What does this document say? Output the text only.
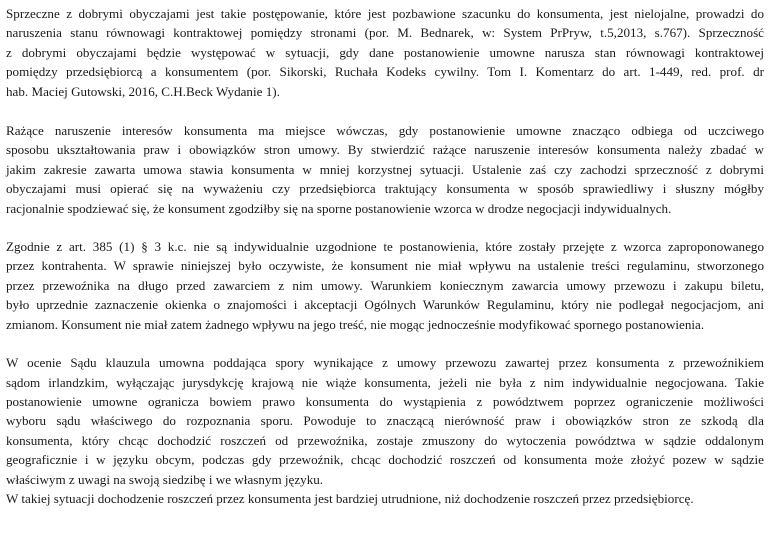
Sprzeczne z dobrymi obyczajami jest takie postępowanie, które jest pozbawione szacunku do konsumenta, jest nielojalne, prowadzi do
naruszenia stanu równowagi kontraktowej pomiędzy stronami (por. M. Bednarek, w: System PrPryw, t.5,2013, s.767). Sprzeczność
z dobrymi obyczajami będzie występować w sytuacji, gdy dane postanowienie umowne narusza stan równowagi kontraktowej
pomiędzy przedsiębiorcą a konsumentem (por. Sikorski, Ruchała Kodeks cywilny. Tom I. Komentarz do art. 1-449, red. prof. dr
hab. Maciej Gutowski, 2016, C.H.Beck Wydanie 1).

Rażące naruszenie interesów konsumenta ma miejsce wówczas, gdy postanowienie umowne znacząco odbiega od uczciwego
sposobu ukształtowania praw i obowiązków stron umowy. By stwierdzić rażące naruszenie interesów konsumenta należy zbadać w
jakim zakresie zawarta umowa stawia konsumenta w mniej korzystnej sytuacji. Ustalenie zaś czy zachodzi sprzeczność z dobrymi
obyczajami musi opierać się na wyważeniu czy przedsiębiorca traktujący konsumenta w sposób sprawiedliwy i słuszny mógłby
racjonalnie spodziewać się, że konsument zgodziłby się na sporne postanowienie wzorca w drodze negocjacji indywidualnych.

Zgodnie z art. 385 (1) § 3 k.c. nie są indywidualnie uzgodnione te postanowienia, które zostały przejęte z wzorca zaproponowanego
przez kontrahenta. W sprawie niniejszej było oczywiste, że konsument nie miał wpływu na ustalenie treści regulaminu, stworzonego
przez przewoźnika na długo przed zawarciem z nim umowy. Warunkiem koniecznym zawarcia umowy przewozu i zakupu biletu,
było uprzednie zaznaczenie okienka o znajomości i akceptacji Ogólnych Warunków Regulaminu, który nie podlegał negocjacjom, ani
zmianom. Konsument nie miał zatem żadnego wpływu na jego treść, nie mogąc jednocześnie modyfikować spornego postanowienia.

W ocenie Sądu klauzula umowna poddająca spory wynikające z umowy przewozu zawartej przez konsumenta z przewoźnikiem
sądom irlandzkim, wyłączając jurysdykcję krajową nie wiąże konsumenta, jeżeli nie była z nim indywidualnie negocjowana. Takie
postanowienie umowne ogranicza bowiem prawo konsumenta do wystąpienia z powództwem poprzez ograniczenie możliwości
wyboru sądu właściwego do rozpoznania sporu. Powoduje to znaczącą nierówność praw i obowiązków stron ze szkodą dla
konsumenta, który chcąc dochodzić roszczeń od przewoźnika, zostaje zmuszony do wytoczenia powództwa w sądzie oddalonym
geograficznie i w języku obcym, podczas gdy przewoźnik, chcąc dochodzić roszczeń od konsumenta może złożyć pozew w sądzie
właściwym z uwagi na swoją siedzibę i we własnym języku.
W takiej sytuacji dochodzenie roszczeń przez konsumenta jest bardziej utrudnione, niż dochodzenie roszczeń przez przedsiębiorcę.
